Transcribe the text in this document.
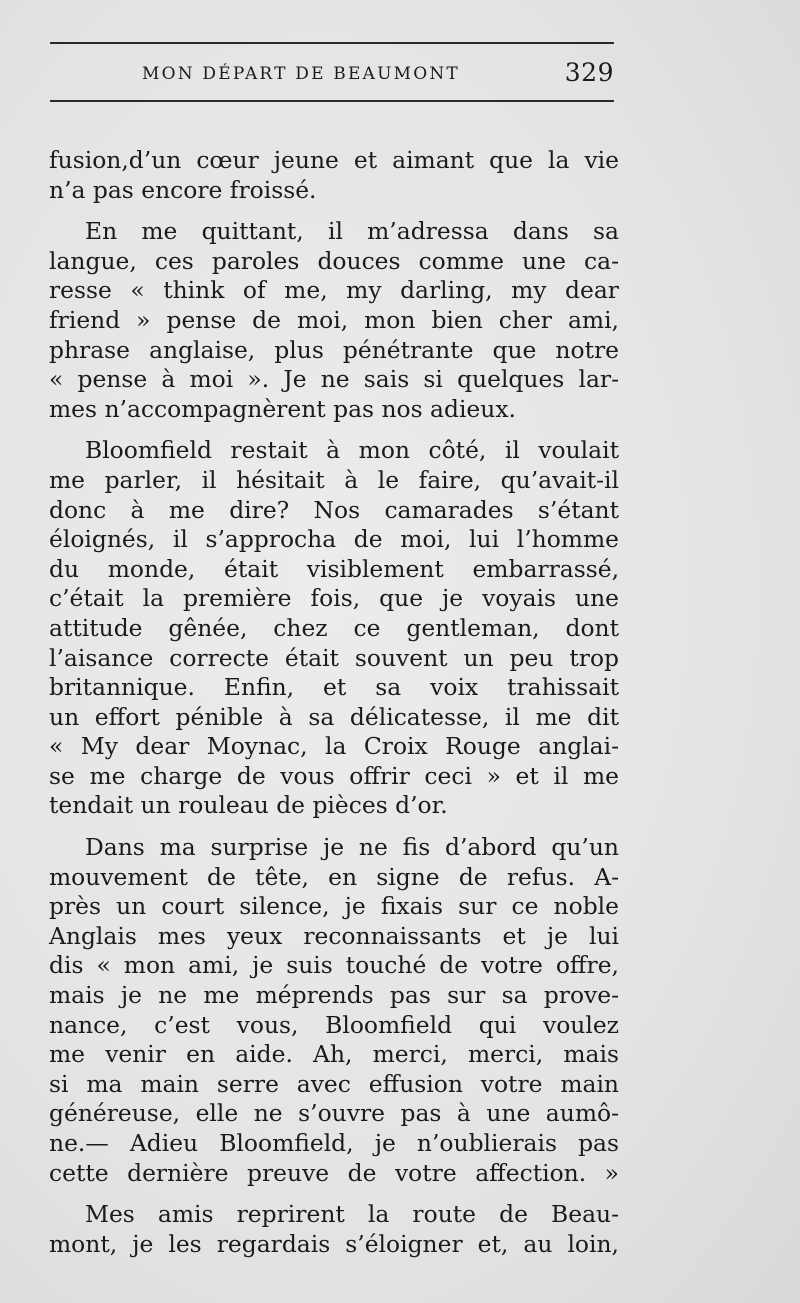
MON DÉPART DE BEAUMONT	329

fusion,d’un cœur jeune et aimant que la vie
n’a pas encore froissé.

En me quittant, il m’adressa dans sa
langue, ces paroles douces comme une ca-
resse « think of me, my darling, my dear
friend » pense de moi, mon bien cher ami,
phrase anglaise, plus pénétrante que notre
« pense à moi ». Je ne sais si quelques lar-
mes n’accompagnèrent pas nos adieux.

Bloomfield restait à mon côté, il voulait
me parler, il hésitait à le faire, qu’avait-il
donc à me dire? Nos camarades s’étant
éloignés, il s’approcha de moi, lui l’homme
du monde, était visiblement embarrassé,
c’était la première fois, que je voyais une
attitude gênée, chez ce gentleman, dont
l’aisance correcte était souvent un peu trop
britannique. Enfin, et sa voix trahissait
un effort pénible à sa délicatesse, il me dit
« My dear Moynac, la Croix Rouge anglai-
se me charge de vous offrir ceci » et il me
tendait un rouleau de pièces d’or.

Dans ma surprise je ne fis d’abord qu’un
mouvement de tête, en signe de refus. A-
près un court silence, je fixais sur ce noble
Anglais mes yeux reconnaissants et je lui
dis « mon ami, je suis touché de votre offre,
mais je ne me méprends pas sur sa prove-
nance, c’est vous, Bloomfield qui voulez
me venir en aide. Ah, merci, merci, mais
si ma main serre avec effusion votre main
généreuse, elle ne s’ouvre pas à une aumô-
ne.— Adieu Bloomfield, je n’oublierais pas
cette dernière preuve de votre affection. »

Mes amis reprirent la route de Beau-
mont, je les regardais s’éloigner et, au loin,
